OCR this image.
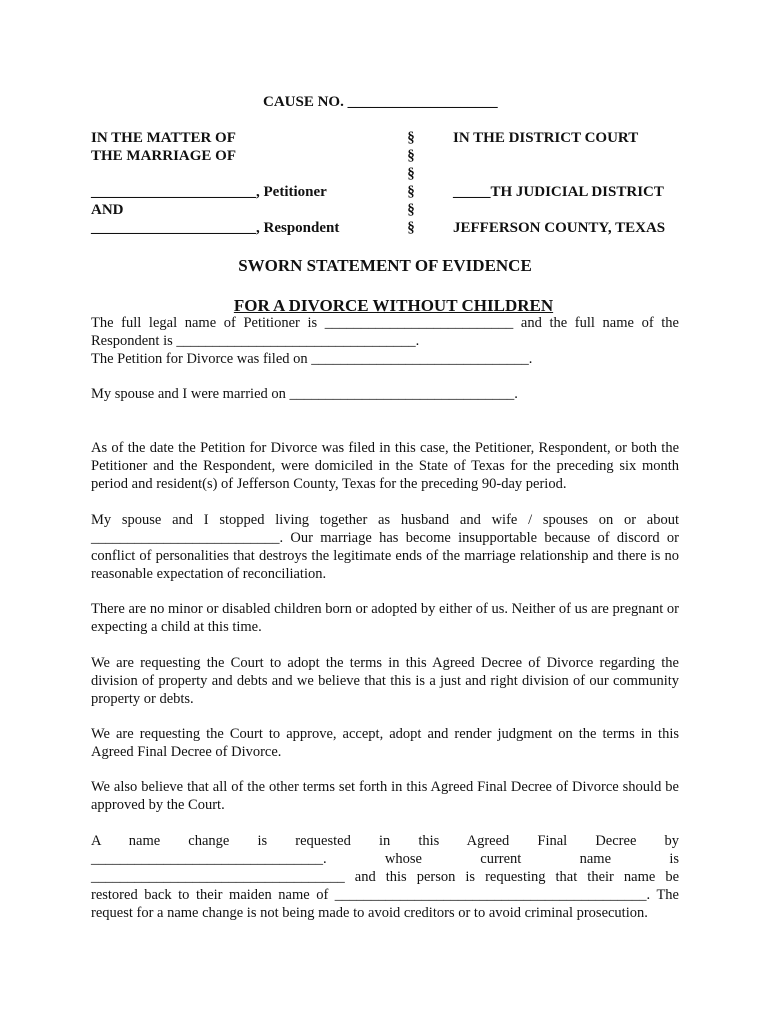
CAUSE NO. ____________________
IN THE MATTER OF
THE MARRIAGE OF
______________________, Petitioner
AND
______________________, Respondent
§
§
§
§
§
§
IN THE DISTRICT COURT
_____TH JUDICIAL DISTRICT
JEFFERSON COUNTY, TEXAS
SWORN STATEMENT OF EVIDENCE

FOR A DIVORCE WITHOUT CHILDREN

The full legal name of Petitioner is __________________________ and the full name of the
Respondent is _________________________________.
The Petition for Divorce was filed on ______________________________.
My spouse and I were married on _______________________________.
As of the date the Petition for Divorce was filed in this case, the Petitioner, Respondent, or both the Petitioner and the Respondent, were domiciled in the State of Texas for the preceding six month period and resident(s) of Jefferson County, Texas for the preceding 90-day period.
My spouse and I stopped living together as husband and wife / spouses on or about __________________________. Our marriage has become insupportable because of discord or conflict of personalities that destroys the legitimate ends of the marriage relationship and there is no reasonable expectation of reconciliation.
There are no minor or disabled children born or adopted by either of us. Neither of us are pregnant or expecting a child at this time.
We are requesting the Court to adopt the terms in this Agreed Decree of Divorce regarding the division of property and debts and we believe that this is a just and right division of our community property or debts.
We are requesting the Court to approve, accept, adopt and render judgment on the terms in this Agreed Final Decree of Divorce.
We also believe that all of the other terms set forth in this Agreed Final Decree of Divorce should be approved by the Court.
A name change is requested in this Agreed Final Decree by
________________________________. whose current name is
___________________________________ and this person is requesting that their name be
restored back to their maiden name of ___________________________________________. The
request for a name change is not being made to avoid creditors or to avoid criminal prosecution.
